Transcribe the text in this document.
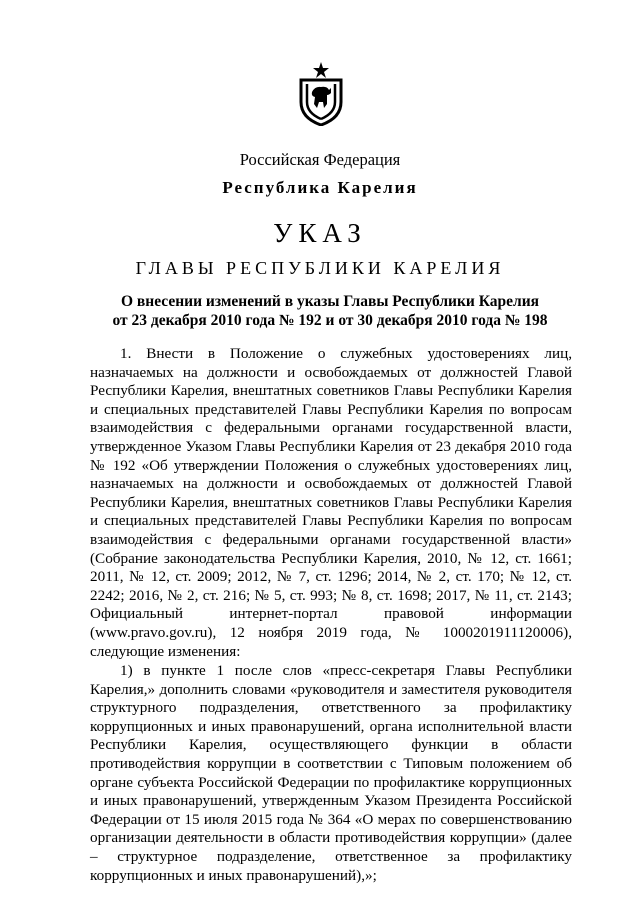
Российская Федерация
Республика Карелия
УКАЗ
ГЛАВЫ РЕСПУБЛИКИ КАРЕЛИЯ
О внесении изменений в указы Главы Республики Карелия
от 23 декабря 2010 года № 192 и от 30 декабря 2010 года № 198

1. Внести в Положение о служебных удостоверениях лиц, назначаемых на должности и освобождаемых от должностей Главой Республики Карелия, внештатных советников Главы Республики Карелия и специальных представителей Главы Республики Карелия по вопросам взаимодействия с федеральными органами государственной власти, утвержденное Указом Главы Республики Карелия от 23 декабря 2010 года № 192 «Об утверждении Положения о служебных удостоверениях лиц, назначаемых на должности и освобождаемых от должностей Главой Республики Карелия, внештатных советников Главы Республики Карелия и специальных представителей Главы Республики Карелия по вопросам взаимодействия с федеральными органами государственной власти» (Собрание законодательства Республики Карелия, 2010, № 12, ст. 1661; 2011, № 12, ст. 2009; 2012, № 7, ст. 1296; 2014, № 2, ст. 170; № 12, ст. 2242; 2016, № 2, ст. 216; № 5, ст. 993; № 8, ст. 1698; 2017, № 11, ст. 2143; Официальный интернет-портал правовой информации (www.pravo.gov.ru), 12 ноября 2019 года, № 1000201911120006), следующие изменения:

1) в пункте 1 после слов «пресс-секретаря Главы Республики Карелия,» дополнить словами «руководителя и заместителя руководителя структурного подразделения, ответственного за профилактику коррупционных и иных правонарушений, органа исполнительной власти Республики Карелия, осуществляющего функции в области противодействия коррупции в соответствии с Типовым положением об органе субъекта Российской Федерации по профилактике коррупционных и иных правонарушений, утвержденным Указом Президента Российской Федерации от 15 июля 2015 года № 364 «О мерах по совершенствованию организации деятельности в области противодействия коррупции» (далее – структурное подразделение, ответственное за профилактику коррупционных и иных правонарушений),»;
